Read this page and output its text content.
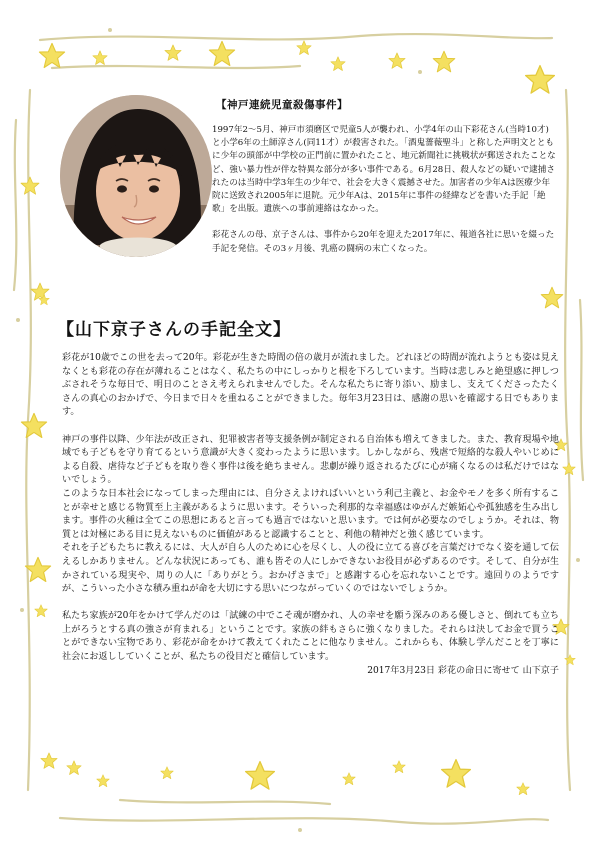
【神戸連続児童殺傷事件】

1997年2～5月、神戸市須磨区で児童5人が襲われ、小学4年の山下彩花さん(当時10才)と小学6年の土師淳さん(同11才）が殺害された。「酒鬼薔薇聖斗」と称した声明文とともに少年の頭部が中学校の正門前に置かれたこと、地元新聞社に挑戦状が郵送されたことなど、強い暴力性が伴な特異な部分が多い事件である。6月28日、殺人などの疑いで逮捕されたのは当時中学3年生の少年で、社会を大きく震撼させた。加害者の少年Aは医療少年院に送致され2005年に退院。元少年Aは、2015年に事件の経緯などを書いた手記「絶歌」を出版。遺族への事前連絡はなかった。

彩花さんの母、京子さんは、事件から20年を迎えた2017年に、報道各社に思いを綴った手記を発信。その3ヶ月後、乳癌の闘病の末亡くなった。

【山下京子さんの手記全文】

彩花が10歳でこの世を去って20年。彩花が生きた時間の倍の歳月が流れました。どれほどの時間が流れようとも姿は見えなくとも彩花の存在が薄れることはなく、私たちの中にしっかりと根を下ろしています。当時は悲しみと絶望感に押しつぶされそうな毎日で、明日のことさえ考えられませんでした。そんな私たちに寄り添い、励まし、支えてくださったたくさんの真心のおかげで、今日まで日々を重ねることができました。毎年3月23日は、感謝の思いを確認する日でもあります。

神戸の事件以降、少年法が改正され、犯罪被害者等支援条例が制定される自治体も増えてきました。また、教育現場や地域でも子どもを守り育てるという意識が大きく変わったように思います。しかしながら、残虐で短絡的な殺人やいじめによる自殺、虐待など子どもを取り巻く事件は後を絶ちません。悲劇が繰り返されるたびに心が痛くなるのは私だけではないでしょう。

このような日本社会になってしまった理由には、自分さえよければいいという利己主義と、お金やモノを多く所有することが幸せと感じる物質至上主義があるように思います。そういった利那的な幸福感はゆがんだ嫉妬心や孤独感を生み出します。事件の火種は全てこの思想にあると言っても過言ではないと思います。では何が必要なのでしょうか。それは、物質とは対極にある目に見えないものに価値があると認識することと、利他の精神だと強く感じています。

それを子どもたちに教えるには、大人が自ら人のために心を尽くし、人の役に立てる喜びを言葉だけでなく姿を通して伝えるしかありません。どんな状況にあっても、誰も皆その人にしかできないお役目が必ずあるのです。そして、自分が生かされている現実や、周りの人に「ありがとう。おかげさまで」と感謝する心を忘れないことです。遠回りのようですが、こういった小さな積み重ねが命を大切にする思いにつながっていくのではないでしょうか。

私たち家族が20年をかけて学んだのは「試練の中でこそ魂が磨かれ、人の幸せを願う深みのある優しさと、倒れても立ち上がろうとする真の強さが育まれる」ということです。家族の絆もさらに強くなりました。それらは決してお金で買うことができない宝物であり、彩花が命をかけて教えてくれたことに他なりません。これからも、体験し学んだことを丁寧に社会にお返ししていくことが、私たちの役目だと確信しています。

2017年3月23日 彩花の命日に寄せて 山下京子
